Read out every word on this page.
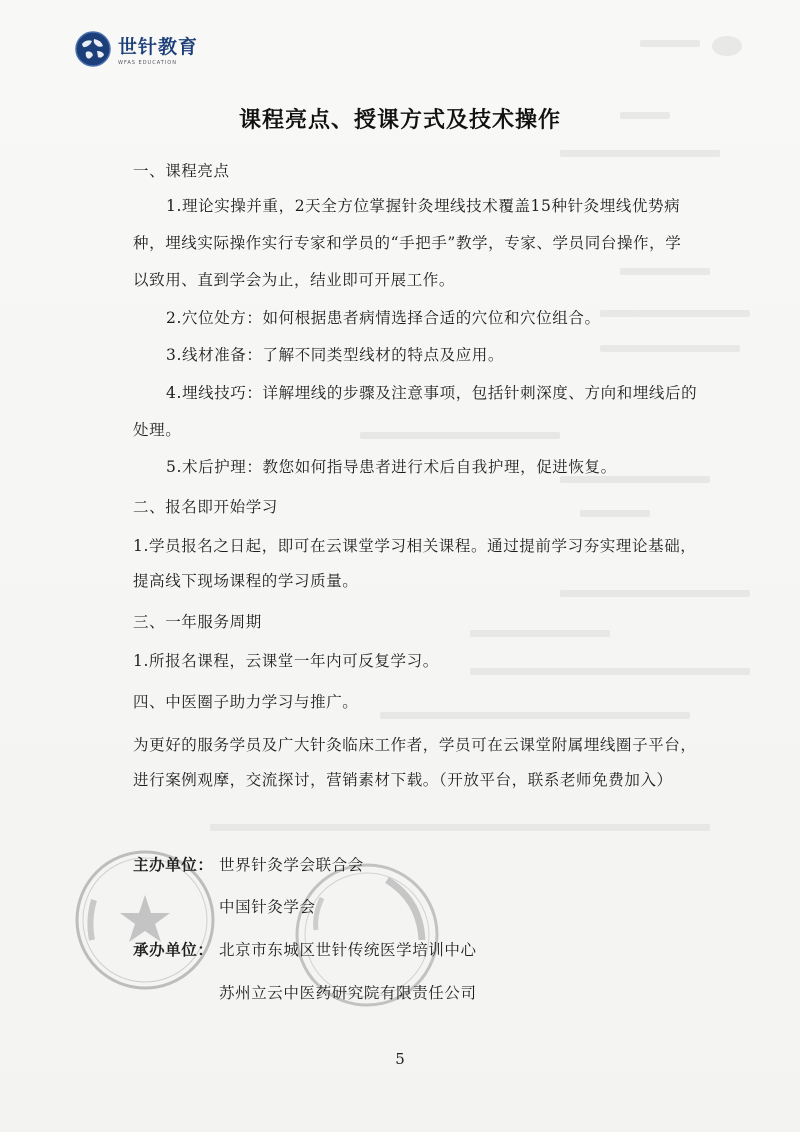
世针教育
WFAS EDUCATION
课程亮点、授课方式及技术操作
一、课程亮点
1.理论实操并重，2天全方位掌握针灸埋线技术覆盖15种针灸埋线优势病
种，埋线实际操作实行专家和学员的“手把手”教学，专家、学员同台操作，学
以致用、直到学会为止，结业即可开展工作。
2.穴位处方：如何根据患者病情选择合适的穴位和穴位组合。
3.线材准备：了解不同类型线材的特点及应用。
4.埋线技巧：详解埋线的步骤及注意事项，包括针刺深度、方向和埋线后的
处理。
5.术后护理：教您如何指导患者进行术后自我护理，促进恢复。
二、报名即开始学习
1.学员报名之日起，即可在云课堂学习相关课程。通过提前学习夯实理论基础，
提高线下现场课程的学习质量。
三、一年服务周期
1.所报名课程，云课堂一年内可反复学习。
四、中医圈子助力学习与推广。
为更好的服务学员及广大针灸临床工作者，学员可在云课堂附属埋线圈子平台，
进行案例观摩，交流探讨，营销素材下载。（开放平台，联系老师免费加入）
主办单位： 世界针灸学会联合会
中国针灸学会
承办单位： 北京市东城区世针传统医学培训中心
苏州立云中医药研究院有限责任公司
5
